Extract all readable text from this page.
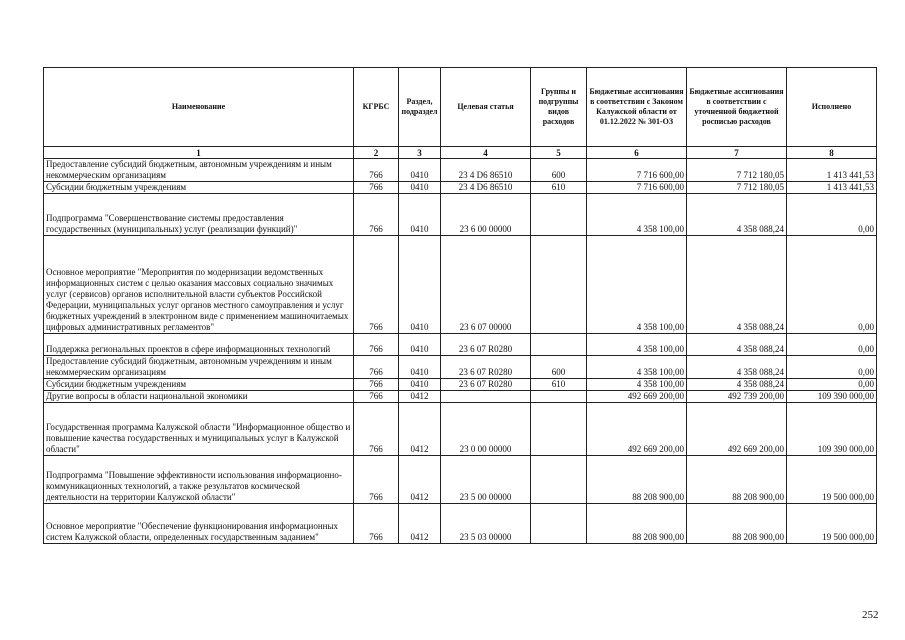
Наименование	КГРБС	Раздел, подраздел	Целевая статья	Группы и подгруппы видов расходов	Бюджетные ассигнования в соответствии с Законом Калужской области от 01.12.2022 № 301-ОЗ	Бюджетные ассигнования в соответствии с уточненной бюджетной росписью расходов	Исполнено
1	2	3	4	5	6	7	8
Предоставление субсидий бюджетным, автономным учреждениям и иным некоммерческим организациям	766	0410	23 4 D6 86510	600	7 716 600,00	7 712 180,05	1 413 441,53
Субсидии бюджетным учреждениям	766	0410	23 4 D6 86510	610	7 716 600,00	7 712 180,05	1 413 441,53
Подпрограмма "Совершенствование системы предоставления государственных (муниципальных) услуг (реализации функций)"	766	0410	23 6 00 00000		4 358 100,00	4 358 088,24	0,00
Основное мероприятие "Мероприятия по модернизации ведомственных информационных систем с целью оказания массовых социально значимых услуг (сервисов) органов исполнительной власти субъектов Российской Федерации, муниципальных услуг органов местного самоуправления и услуг бюджетных учреждений в электронном виде с применением машиночитаемых цифровых административных регламентов"	766	0410	23 6 07 00000		4 358 100,00	4 358 088,24	0,00
Поддержка региональных проектов в сфере информационных технологий	766	0410	23 6 07 R0280		4 358 100,00	4 358 088,24	0,00
Предоставление субсидий бюджетным, автономным учреждениям и иным некоммерческим организациям	766	0410	23 6 07 R0280	600	4 358 100,00	4 358 088,24	0,00
Субсидии бюджетным учреждениям	766	0410	23 6 07 R0280	610	4 358 100,00	4 358 088,24	0,00
Другие вопросы в области национальной экономики	766	0412			492 669 200,00	492 739 200,00	109 390 000,00
Государственная программа Калужской области "Информационное общество и повышение качества государственных и муниципальных услуг в Калужской области"	766	0412	23 0 00 00000		492 669 200,00	492 669 200,00	109 390 000,00
Подпрограмма "Повышение эффективности использования информационно-коммуникационных технологий, а также результатов космической деятельности на территории Калужской области"	766	0412	23 5 00 00000		88 208 900,00	88 208 900,00	19 500 000,00
Основное мероприятие "Обеспечение функционирования информационных систем Калужской области, определенных государственным заданием"	766	0412	23 5 03 00000		88 208 900,00	88 208 900,00	19 500 000,00
252
